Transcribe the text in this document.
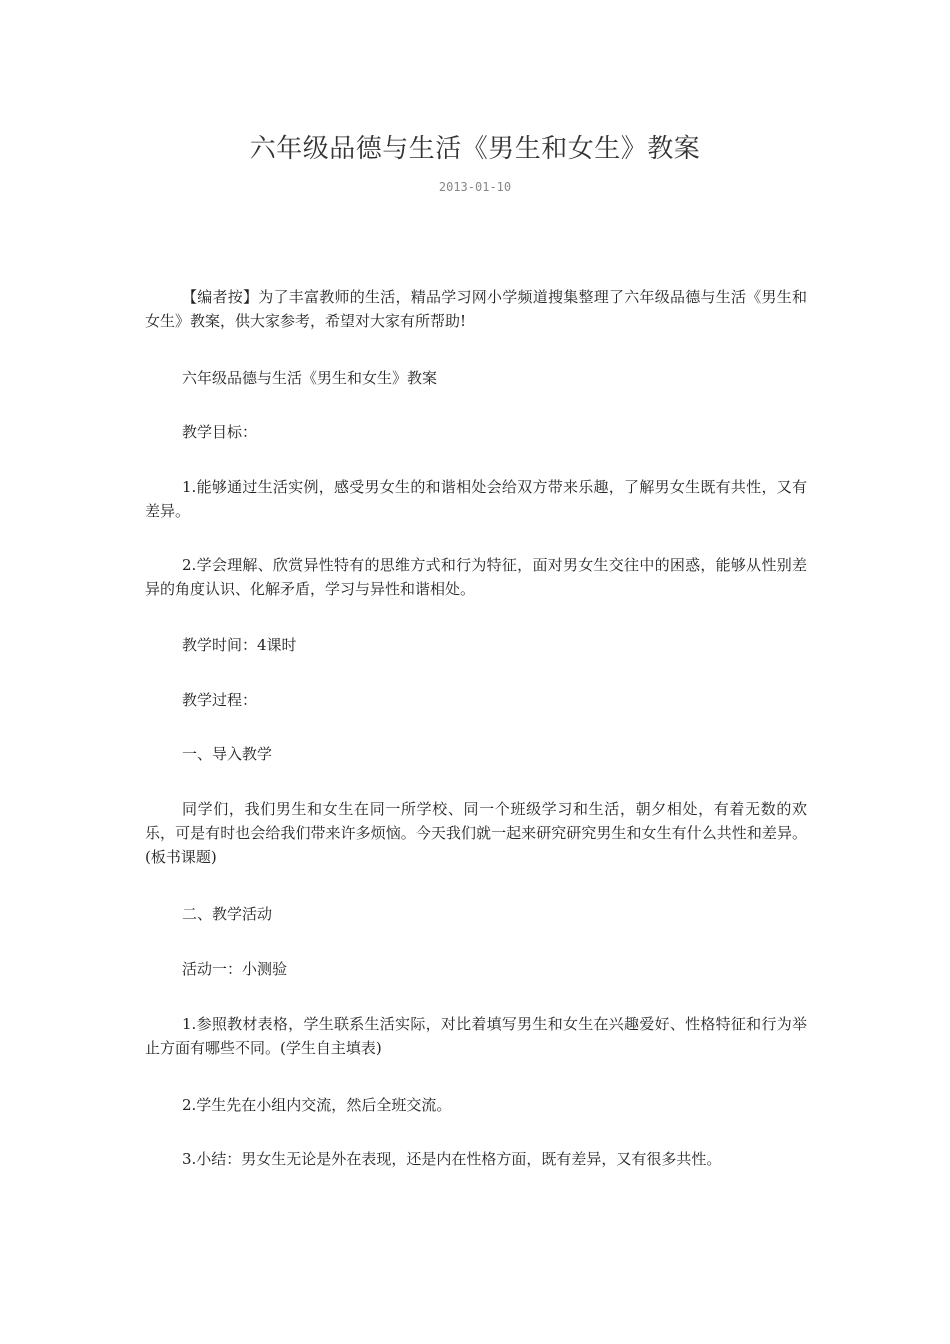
六年级品德与生活《男生和女生》教案
2013-01-10

【编者按】为了丰富教师的生活，精品学习网小学频道搜集整理了六年级品德与生活《男生和女生》教案，供大家参考，希望对大家有所帮助!

六年级品德与生活《男生和女生》教案

教学目标：

1.能够通过生活实例，感受男女生的和谐相处会给双方带来乐趣，了解男女生既有共性，又有差异。

2.学会理解、欣赏异性特有的思维方式和行为特征，面对男女生交往中的困惑，能够从性别差异的角度认识、化解矛盾，学习与异性和谐相处。

教学时间：4课时

教学过程：

一、导入教学

同学们，我们男生和女生在同一所学校、同一个班级学习和生活，朝夕相处，有着无数的欢乐，可是有时也会给我们带来许多烦恼。今天我们就一起来研究研究男生和女生有什么共性和差异。(板书课题)

二、教学活动

活动一：小测验

1.参照教材表格，学生联系生活实际，对比着填写男生和女生在兴趣爱好、性格特征和行为举止方面有哪些不同。(学生自主填表)

2.学生先在小组内交流，然后全班交流。

3.小结：男女生无论是外在表现，还是内在性格方面，既有差异，又有很多共性。
